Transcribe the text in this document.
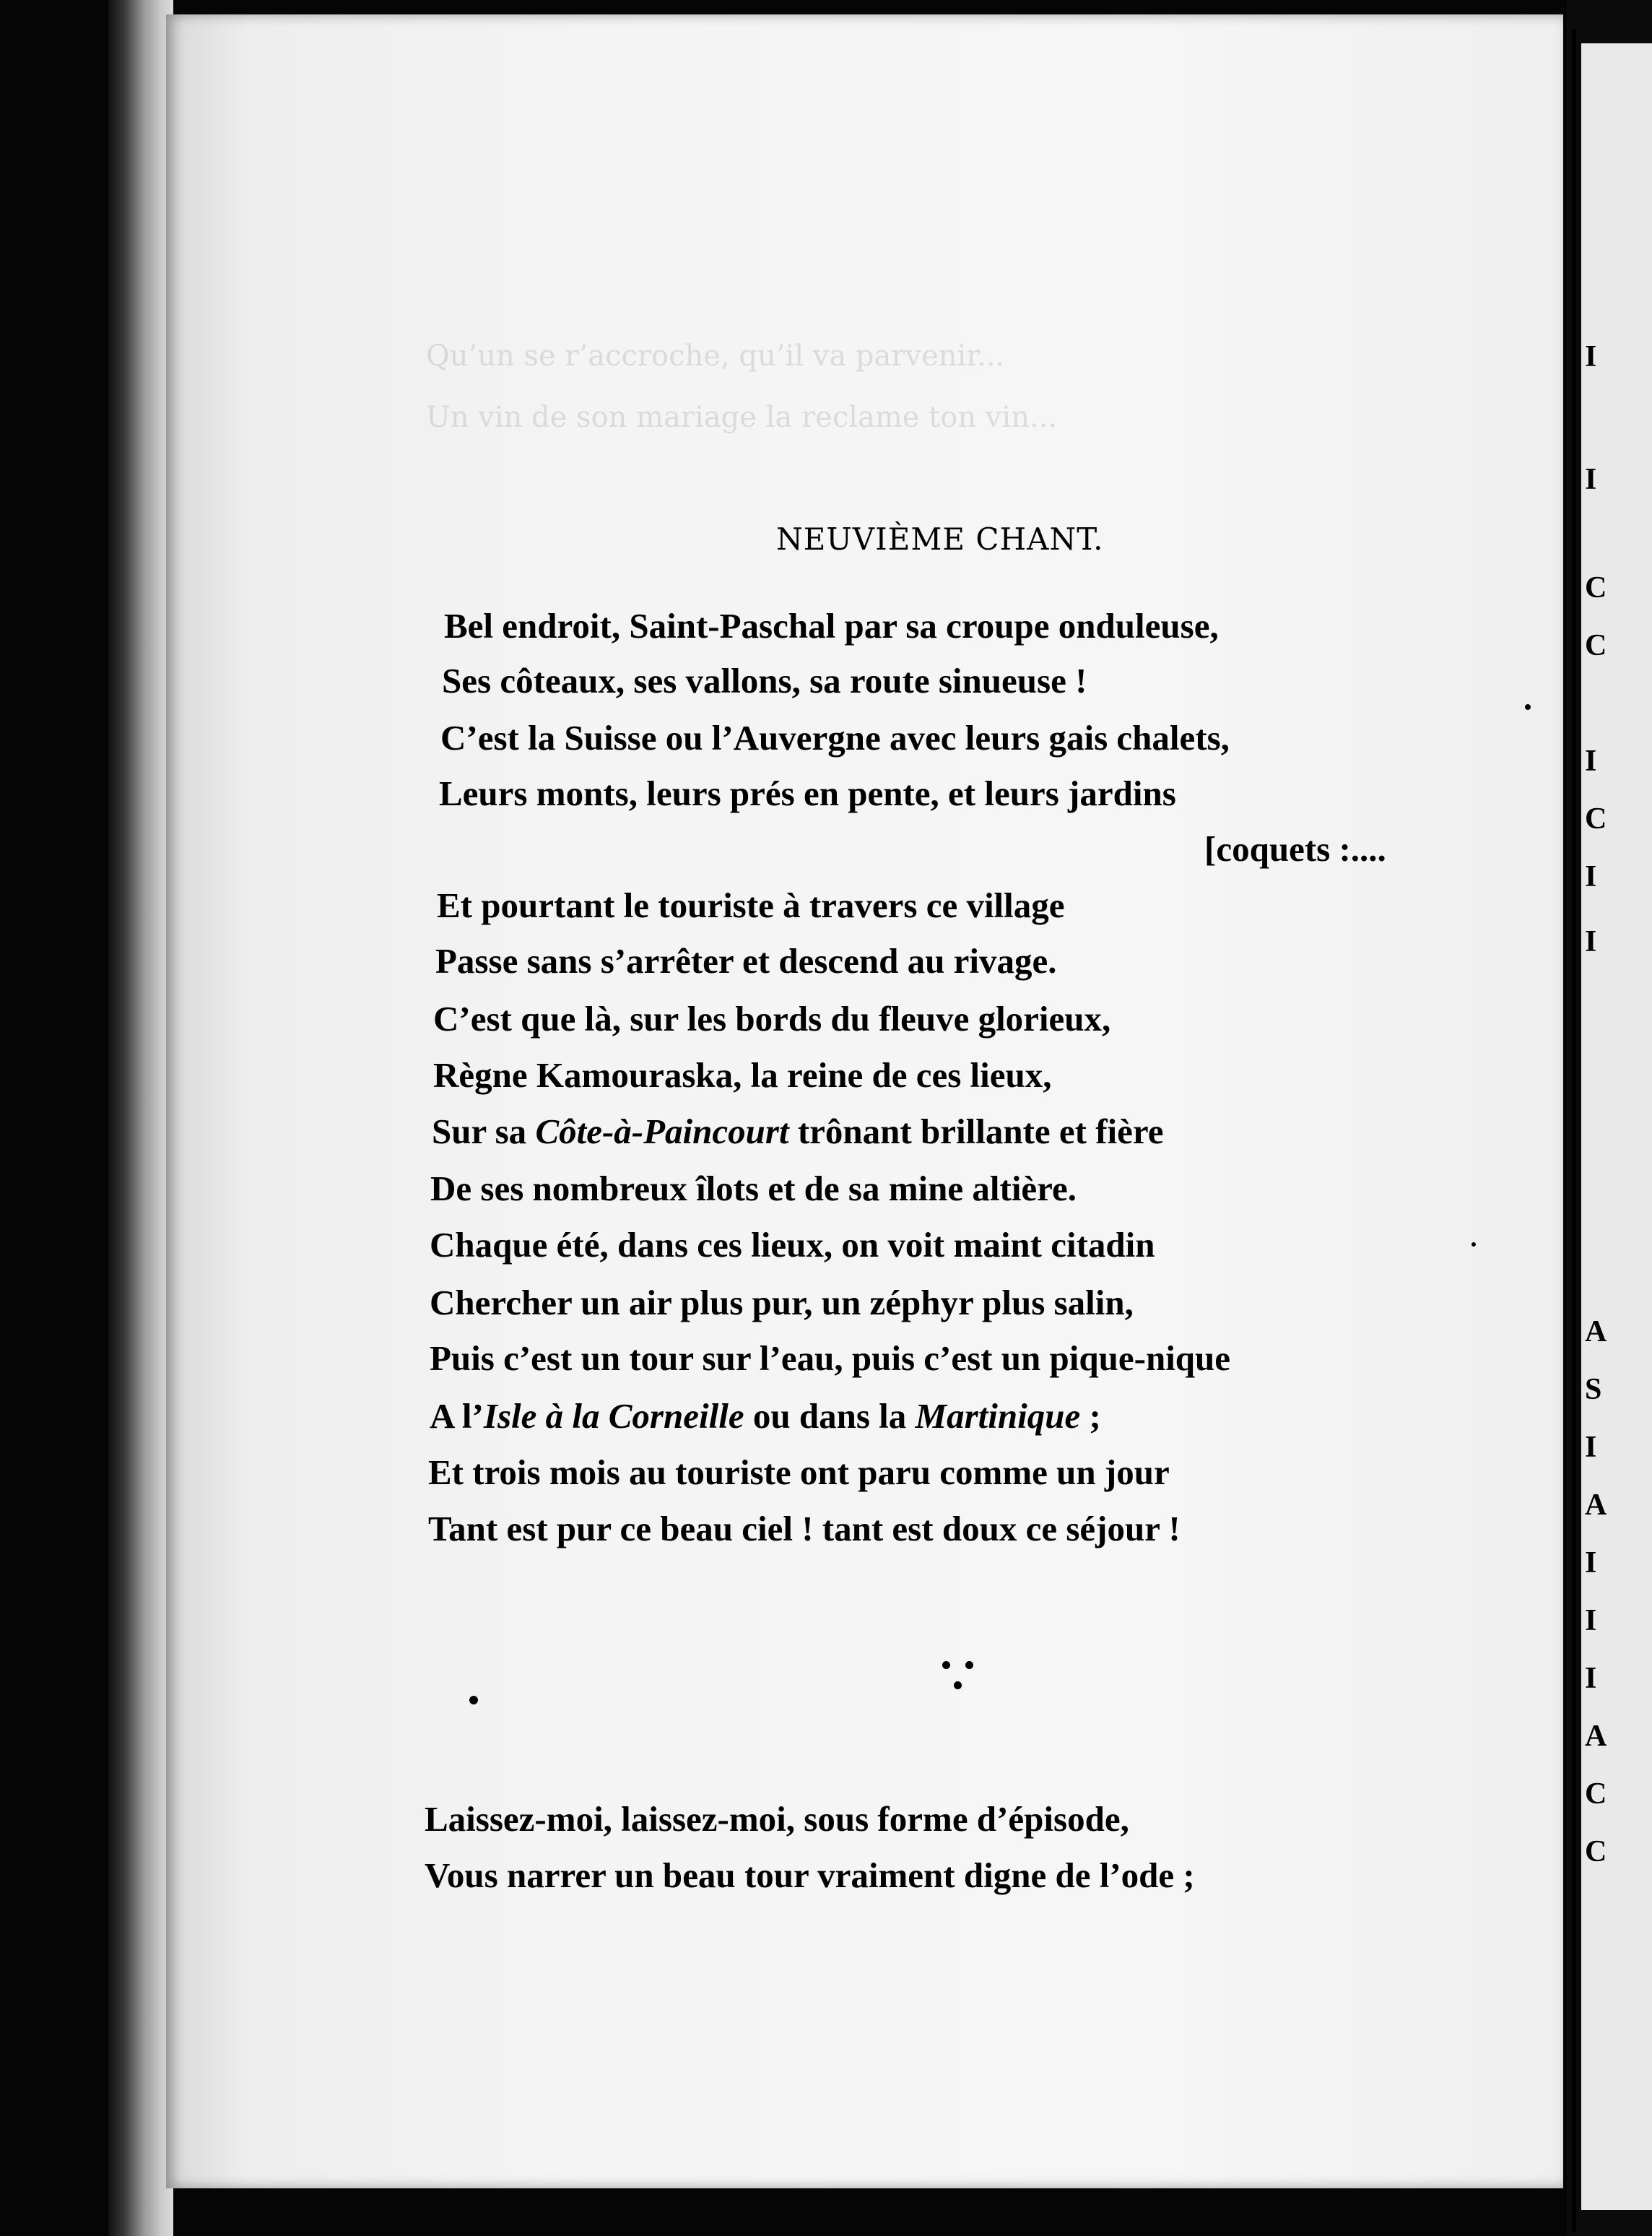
Qu’un se r’accroche, qu’il va parvenir...
Un vin de son mariage la reclame ton vin...
NEUVIÈME CHANT.
Bel endroit, Saint-Paschal par sa croupe onduleuse,
Ses côteaux, ses vallons, sa route sinueuse !
C’est la Suisse ou l’Auvergne avec leurs gais chalets,
Leurs monts, leurs prés en pente, et leurs jardins
[coquets :....
Et pourtant le touriste à travers ce village
Passe sans s’arrêter et descend au rivage.
C’est que là, sur les bords du fleuve glorieux,
Règne Kamouraska, la reine de ces lieux,
Sur sa Côte-à-Paincourt trônant brillante et fière
De ses nombreux îlots et de sa mine altière.
Chaque été, dans ces lieux, on voit maint citadin
Chercher un air plus pur, un zéphyr plus salin,
Puis c’est un tour sur l’eau, puis c’est un pique-nique
A l’Isle à la Corneille ou dans la Martinique ;
Et trois mois au touriste ont paru comme un jour
Tant est pur ce beau ciel ! tant est doux ce séjour !
Laissez-moi, laissez-moi, sous forme d’épisode,
Vous narrer un beau tour vraiment digne de l’ode ;
I
I
C
C
I
C
I
I
A
S
I
A
I
I
I
A
C
C
